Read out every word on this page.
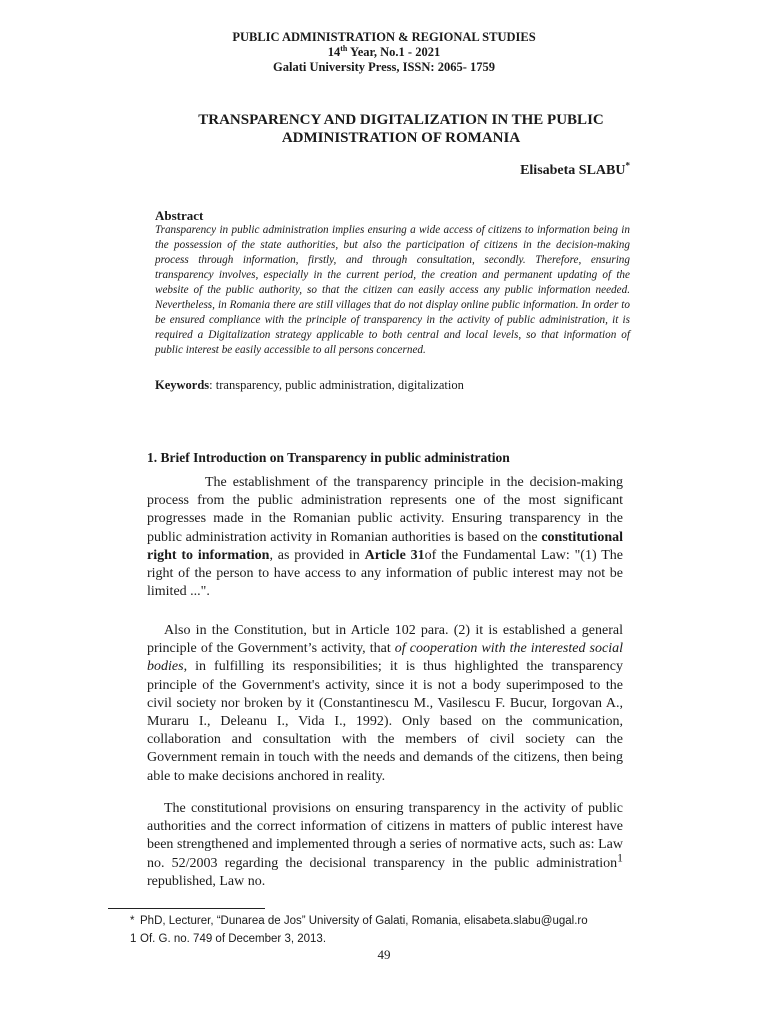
PUBLIC ADMINISTRATION & REGIONAL STUDIES
14th Year, No.1 - 2021
Galati University Press, ISSN: 2065- 1759
TRANSPARENCY AND DIGITALIZATION IN THE PUBLIC
ADMINISTRATION OF ROMANIA
Elisabeta SLABU*
Abstract
Transparency in public administration implies ensuring a wide access of citizens to information being in the possession of the state authorities, but also the participation of citizens in the decision-making process through information, firstly, and through consultation, secondly. Therefore, ensuring transparency involves, especially in the current period, the creation and permanent updating of the website of the public authority, so that the citizen can easily access any public information needed. Nevertheless, in Romania there are still villages that do not display online public information. In order to be ensured compliance with the principle of transparency in the activity of public administration, it is required a Digitalization strategy applicable to both central and local levels, so that information of public interest be easily accessible to all persons concerned.
Keywords: transparency, public administration, digitalization
1. Brief Introduction on Transparency in public administration
The establishment of the transparency principle in the decision-making process from the public administration represents one of the most significant progresses made in the Romanian public activity. Ensuring transparency in the public administration activity in Romanian authorities is based on the constitutional right to information, as provided in Article 31of the Fundamental Law: "(1) The right of the person to have access to any information of public interest may not be limited ...".
Also in the Constitution, but in Article 102 para. (2) it is established a general principle of the Government’s activity, that of cooperation with the interested social bodies, in fulfilling its responsibilities; it is thus highlighted the transparency principle of the Government's activity, since it is not a body superimposed to the civil society nor broken by it (Constantinescu M., Vasilescu F. Bucur, Iorgovan A., Muraru I., Deleanu I., Vida I., 1992). Only based on the communication, collaboration and consultation with the members of civil society can the Government remain in touch with the needs and demands of the citizens, then being able to make decisions anchored in reality.
The constitutional provisions on ensuring transparency in the activity of public authorities and the correct information of citizens in matters of public interest have been strengthened and implemented through a series of normative acts, such as: Law no. 52/2003 regarding the decisional transparency in the public administration$^1$ republished, Law no.
* PhD, Lecturer, “Dunarea de Jos” University of Galati, Romania, elisabeta.slabu@ugal.ro
1 Of. G. no. 749 of December 3, 2013.
49
